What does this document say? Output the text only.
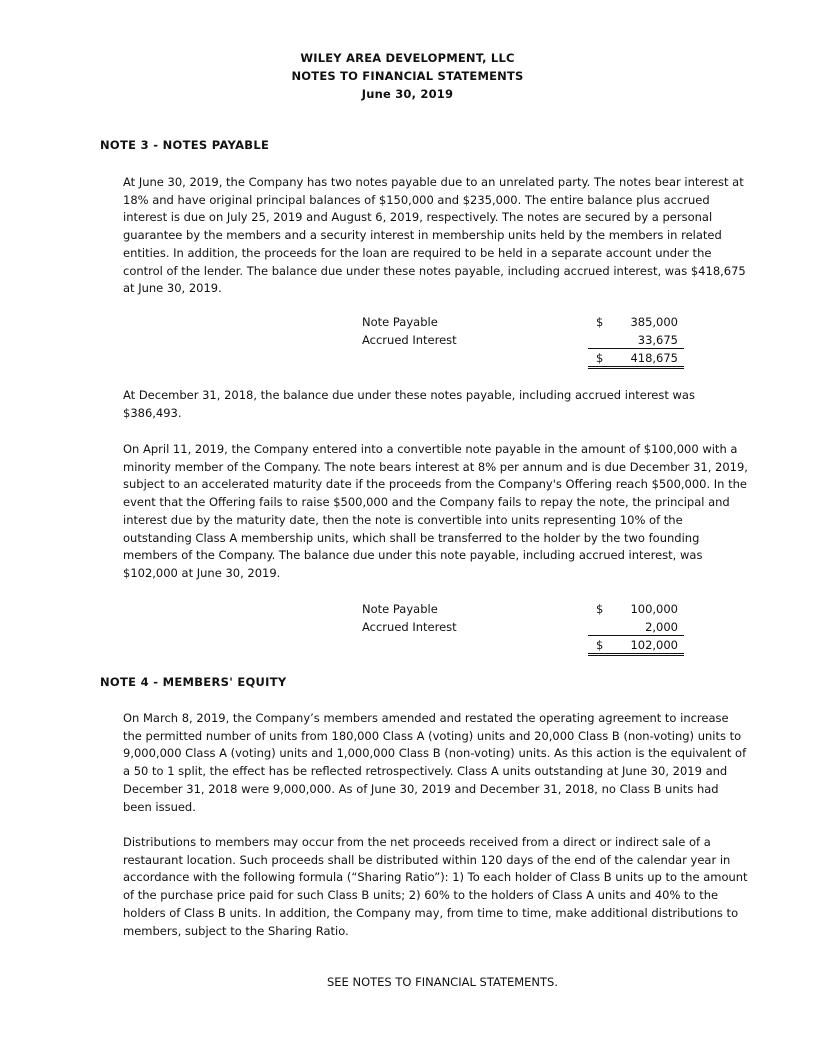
WILEY AREA DEVELOPMENT, LLC
NOTES TO FINANCIAL STATEMENTS
June 30, 2019
NOTE 3 - NOTES PAYABLE

At June 30, 2019, the Company has two notes payable due to an unrelated party. The notes bear interest at 18% and have original principal balances of $150,000 and $235,000. The entire balance plus accrued interest is due on July 25, 2019 and August 6, 2019, respectively. The notes are secured by a personal guarantee by the members and a security interest in membership units held by the members in related entities. In addition, the proceeds for the loan are required to be held in a separate account under the control of the lender. The balance due under these notes payable, including accrued interest, was $418,675 at June 30, 2019.

Note Payable	$ 385,000
Accrued Interest	33,675
$ 418,675

At December 31, 2018, the balance due under these notes payable, including accrued interest was $386,493.

On April 11, 2019, the Company entered into a convertible note payable in the amount of $100,000 with a minority member of the Company. The note bears interest at 8% per annum and is due December 31, 2019, subject to an accelerated maturity date if the proceeds from the Company's Offering reach $500,000. In the event that the Offering fails to raise $500,000 and the Company fails to repay the note, the principal and interest due by the maturity date, then the note is convertible into units representing 10% of the outstanding Class A membership units, which shall be transferred to the holder by the two founding members of the Company. The balance due under this note payable, including accrued interest, was $102,000 at June 30, 2019.

Note Payable	$ 100,000
Accrued Interest	2,000
$ 102,000
NOTE 4 - MEMBERS' EQUITY

On March 8, 2019, the Company’s members amended and restated the operating agreement to increase the permitted number of units from 180,000 Class A (voting) units and 20,000 Class B (non-voting) units to 9,000,000 Class A (voting) units and 1,000,000 Class B (non-voting) units. As this action is the equivalent of a 50 to 1 split, the effect has be reflected retrospectively. Class A units outstanding at June 30, 2019 and December 31, 2018 were 9,000,000. As of June 30, 2019 and December 31, 2018, no Class B units had been issued.

Distributions to members may occur from the net proceeds received from a direct or indirect sale of a restaurant location. Such proceeds shall be distributed within 120 days of the end of the calendar year in accordance with the following formula (“Sharing Ratio”): 1) To each holder of Class B units up to the amount of the purchase price paid for such Class B units; 2) 60% to the holders of Class A units and 40% to the holders of Class B units. In addition, the Company may, from time to time, make additional distributions to members, subject to the Sharing Ratio.

SEE NOTES TO FINANCIAL STATEMENTS.
